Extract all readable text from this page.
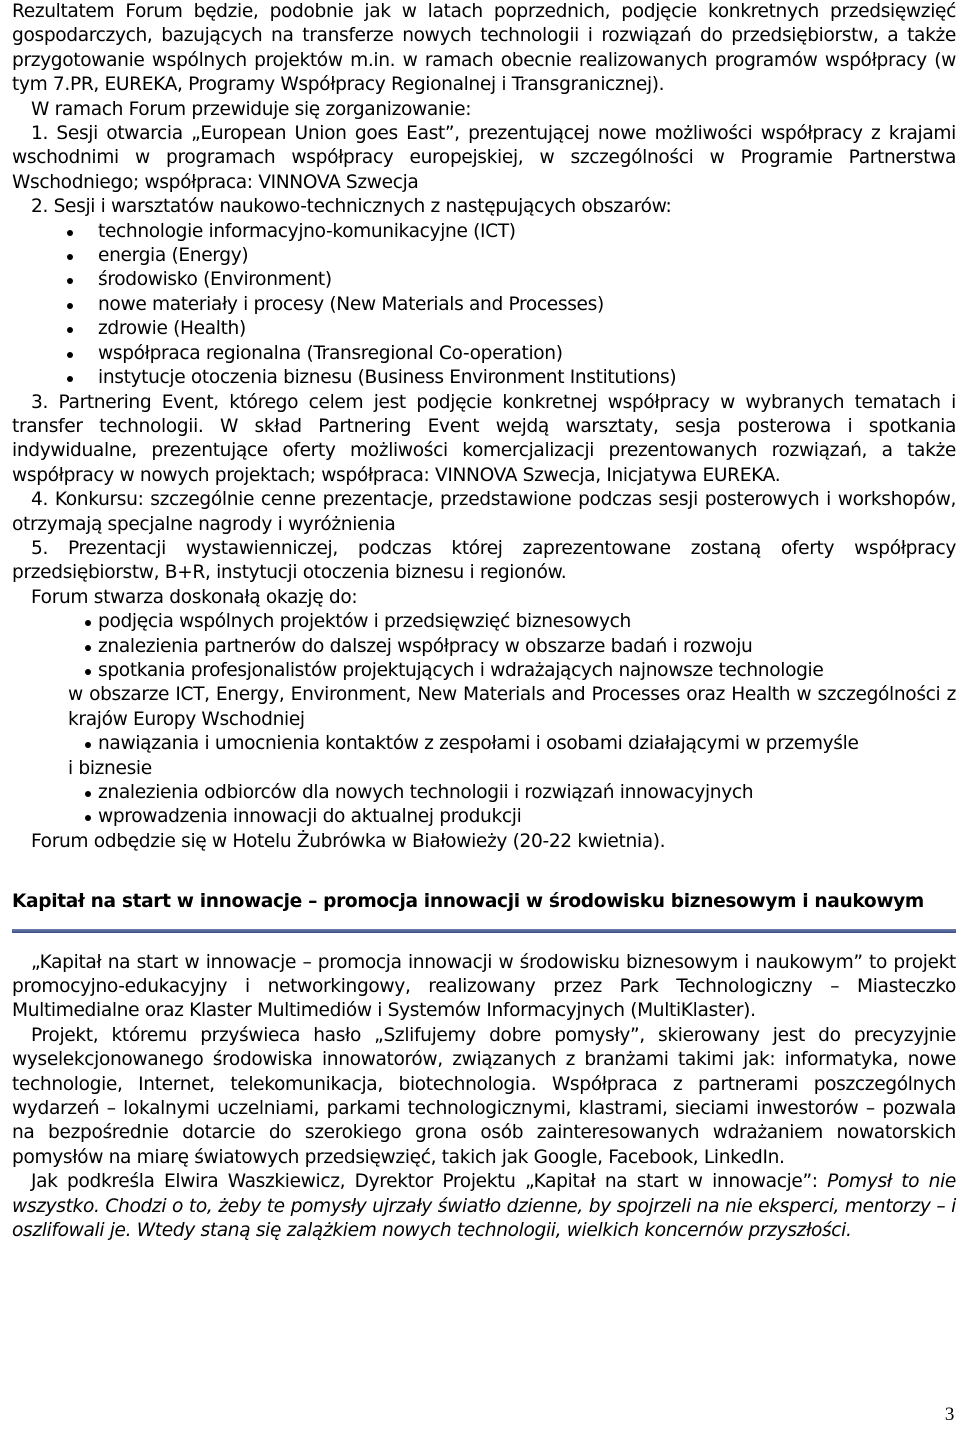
Rezultatem Forum będzie, podobnie jak w latach poprzednich, podjęcie konkretnych przedsięwzięć gospodarczych, bazujących na transferze nowych technologii i rozwiązań do przedsiębiorstw, a także przygotowanie wspólnych projektów m.in. w ramach obecnie realizowanych programów współpracy (w tym 7.PR, EUREKA, Programy Współpracy Regionalnej i Transgranicznej).

W ramach Forum przewiduje się zorganizowanie:

1. Sesji otwarcia „European Union goes East”, prezentującej nowe możliwości współpracy z krajami wschodnimi w programach współpracy europejskiej, w szczególności w Programie Partnerstwa Wschodniego; współpraca: VINNOVA Szwecja

2. Sesji i warsztatów naukowo-technicznych z następujących obszarów:

technologie informacyjno-komunikacyjne (ICT)
energia (Energy)
środowisko (Environment)
nowe materiały i procesy (New Materials and Processes)
zdrowie (Health)
współpraca regionalna (Transregional Co-operation)
instytucje otoczenia biznesu (Business Environment Institutions)

3. Partnering Event, którego celem jest podjęcie konkretnej współpracy w wybranych tematach i transfer technologii. W skład Partnering Event wejdą warsztaty, sesja posterowa i spotkania indywidualne, prezentujące oferty możliwości komercjalizacji prezentowanych rozwiązań, a także współpracy w nowych projektach; współpraca: VINNOVA Szwecja, Inicjatywa EUREKA.

4. Konkursu: szczególnie cenne prezentacje, przedstawione podczas sesji posterowych i workshopów, otrzymają specjalne nagrody i wyróżnienia

5. Prezentacji wystawienniczej, podczas której zaprezentowane zostaną oferty współpracy przedsiębiorstw, B+R, instytucji otoczenia biznesu i regionów.

Forum stwarza doskonałą okazję do:

podjęcia wspólnych projektów i przedsięwzięć biznesowych
znalezienia partnerów do dalszej współpracy w obszarze badań i rozwoju
spotkania profesjonalistów projektujących i wdrażających najnowsze technologie
w obszarze ICT, Energy, Environment, New Materials and Processes oraz Health w szczególności z krajów Europy Wschodniej
nawiązania i umocnienia kontaktów z zespołami i osobami działającymi w przemyśle
i biznesie
znalezienia odbiorców dla nowych technologii i rozwiązań innowacyjnych
wprowadzenia innowacji do aktualnej produkcji

Forum odbędzie się w Hotelu Żubrówka w Białowieży (20-22 kwietnia).

Kapitał na start w innowacje – promocja innowacji w środowisku biznesowym i naukowym

„Kapitał na start w innowacje – promocja innowacji w środowisku biznesowym i naukowym” to projekt promocyjno-edukacyjny i networkingowy, realizowany przez Park Technologiczny – Miasteczko Multimedialne oraz Klaster Multimediów i Systemów Informacyjnych (MultiKlaster).

Projekt, któremu przyświeca hasło „Szlifujemy dobre pomysły”, skierowany jest do precyzyjnie wyselekcjonowanego środowiska innowatorów, związanych z branżami takimi jak: informatyka, nowe technologie, Internet, telekomunikacja, biotechnologia. Współpraca z partnerami poszczególnych wydarzeń – lokalnymi uczelniami, parkami technologicznymi, klastrami, sieciami inwestorów – pozwala na bezpośrednie dotarcie do szerokiego grona osób zainteresowanych wdrażaniem nowatorskich pomysłów na miarę światowych przedsięwzięć, takich jak Google, Facebook, LinkedIn.

Jak podkreśla Elwira Waszkiewicz, Dyrektor Projektu „Kapitał na start w innowacje”: Pomysł to nie wszystko. Chodzi o to, żeby te pomysły ujrzały światło dzienne, by spojrzeli na nie eksperci, mentorzy – i oszlifowali je. Wtedy staną się zalążkiem nowych technologii, wielkich koncernów przyszłości.

3
